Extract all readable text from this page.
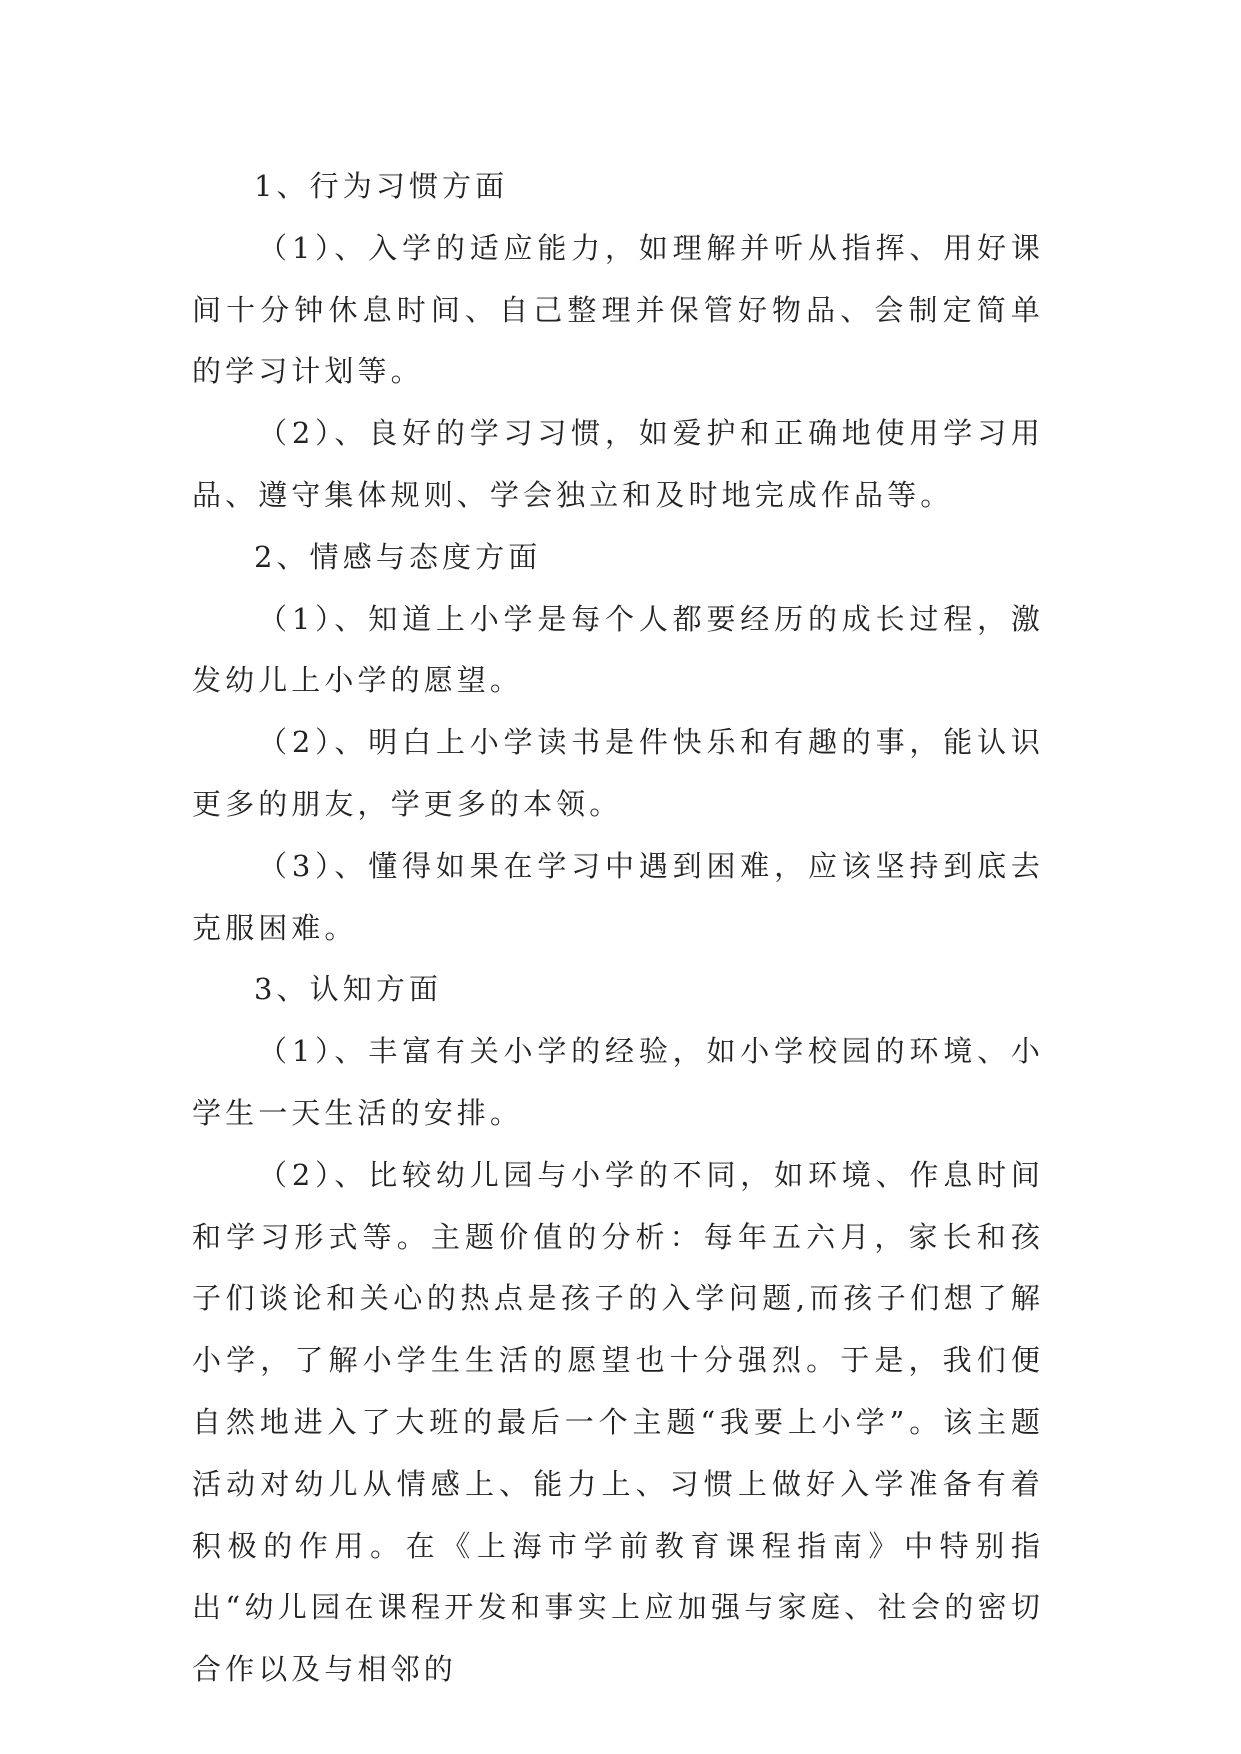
1、行为习惯方面

（1）、入学的适应能力，如理解并听从指挥、用好课间十分钟休息时间、自己整理并保管好物品、会制定简单的学习计划等。

（2）、良好的学习习惯，如爱护和正确地使用学习用品、遵守集体规则、学会独立和及时地完成作品等。

2、情感与态度方面

（1）、知道上小学是每个人都要经历的成长过程，激发幼儿上小学的愿望。

（2）、明白上小学读书是件快乐和有趣的事，能认识更多的朋友，学更多的本领。

（3）、懂得如果在学习中遇到困难，应该坚持到底去克服困难。

3、认知方面

（1）、丰富有关小学的经验，如小学校园的环境、小学生一天生活的安排。

（2）、比较幼儿园与小学的不同，如环境、作息时间和学习形式等。主题价值的分析：每年五六月，家长和孩子们谈论和关心的热点是孩子的入学问题,而孩子们想了解小学，了解小学生生活的愿望也十分强烈。于是，我们便自然地进入了大班的最后一个主题“我要上小学”。该主题活动对幼儿从情感上、能力上、习惯上做好入学准备有着积极的作用。在《上海市学前教育课程指南》中特别指出“幼儿园在课程开发和事实上应加强与家庭、社会的密切合作以及与相邻的
